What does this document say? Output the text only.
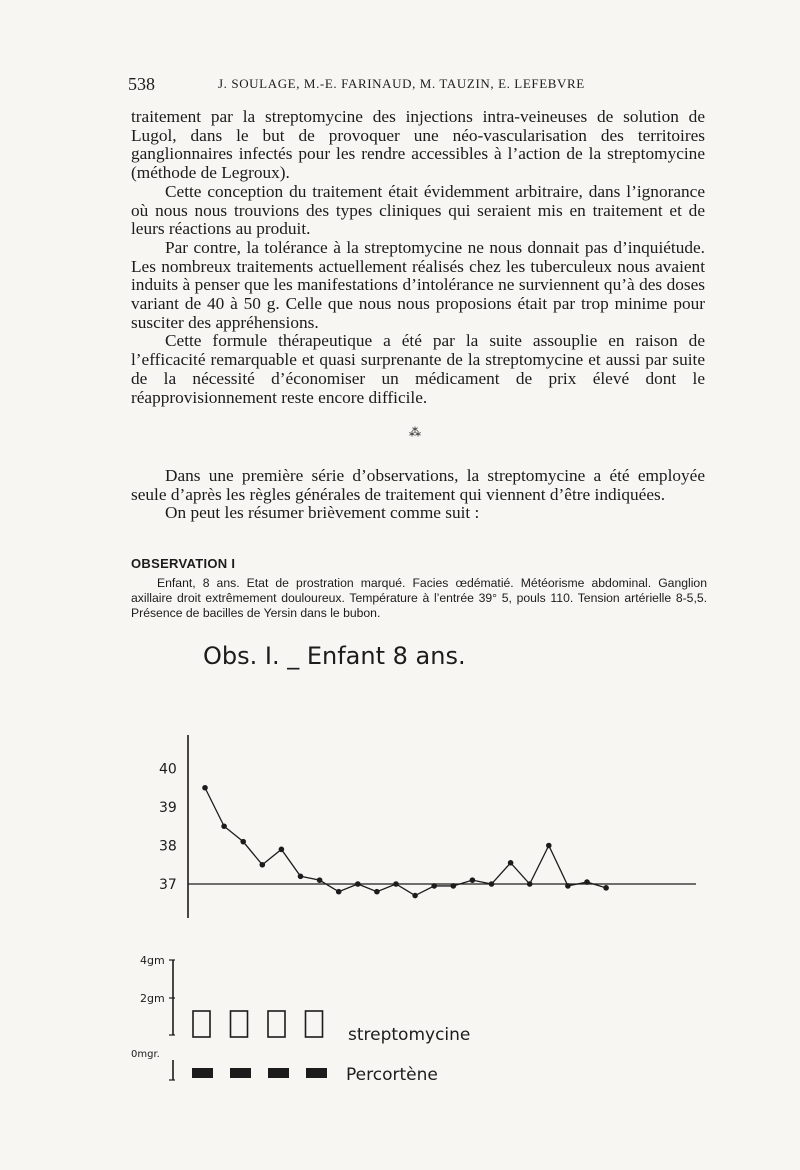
538	J. SOULAGE, M.-E. FARINAUD, M. TAUZIN, E. LEFEBVRE

traitement par la streptomycine des injections intra-veineuses de solution de Lugol, dans le but de provoquer une néo-vascularisation des territoires ganglionnaires infectés pour les rendre accessibles à l’action de la streptomycine (méthode de Legroux).

Cette conception du traitement était évidemment arbitraire, dans l’ignorance où nous nous trouvions des types cliniques qui seraient mis en traitement et de leurs réactions au produit.

Par contre, la tolérance à la streptomycine ne nous donnait pas d’inquiétude. Les nombreux traitements actuellement réalisés chez les tuberculeux nous avaient induits à penser que les manifestations d’intolérance ne surviennent qu’à des doses variant de 40 à 50 g. Celle que nous nous proposions était par trop minime pour susciter des appréhensions.

Cette formule thérapeutique a été par la suite assouplie en raison de l’efficacité remarquable et quasi surprenante de la streptomycine et aussi par suite de la nécessité d’économiser un médicament de prix élevé dont le réapprovisionnement reste encore difficile.

⁂

Dans une première série d’observations, la streptomycine a été employée seule d’après les règles générales de traitement qui viennent d’être indiquées.

On peut les résumer brièvement comme suit :

OBSERVATION I

Enfant, 8 ans. Etat de prostration marqué. Facies œdématié. Météorisme abdominal. Ganglion axillaire droit extrêmement douloureux. Température à l’entrée 39° 5, pouls 110. Tension artérielle 8-5,5. Présence de bacilles de Yersin dans le bubon.

Obs. I. _ Enfant 8 ans.
40
39
38
37
4gm
2gm
0mgr.
streptomycine
Percortène
